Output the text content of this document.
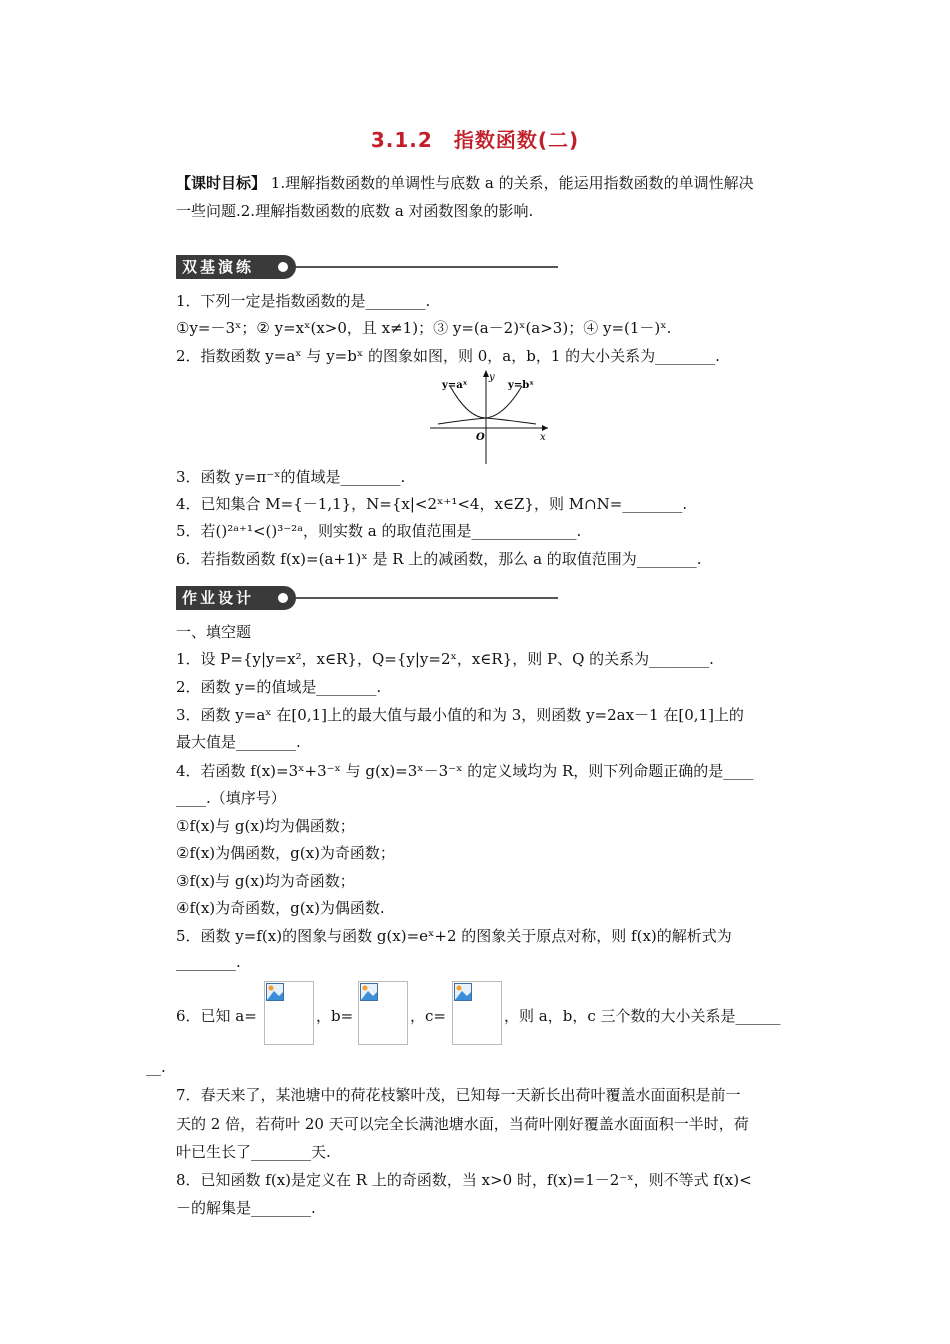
3.1.2　指数函数(二)
【课时目标】 1.理解指数函数的单调性与底数 a 的关系，能运用指数函数的单调性解决
一些问题.2.理解指数函数的底数 a 对函数图象的影响.
双基演练
1．下列一定是指数函数的是________.
①y=－3ˣ；② y=xˣ(x>0，且 x≠1)；③ y=(a－2)ˣ(a>3)；④ y=(1－)ˣ.
2．指数函数 y=aˣ 与 y=bˣ 的图象如图，则 0，a，b，1 的大小关系为________.
y=aˣ	y=bˣ
y
x
O
3．函数 y=π⁻ˣ的值域是________.
4．已知集合 M={－1,1}，N={x|<2ˣ⁺¹<4，x∈Z}，则 M∩N=________.
5．若()²ᵃ⁺¹<()³⁻²ᵃ，则实数 a 的取值范围是______________.
6．若指数函数 f(x)=(a+1)ˣ 是 R 上的减函数，那么 a 的取值范围为________.
作业设计
一、填空题
1．设 P={y|y=x²，x∈R}，Q={y|y=2ˣ，x∈R}，则 P、Q 的关系为________.
2．函数 y=的值域是________.
3．函数 y=aˣ 在[0,1]上的最大值与最小值的和为 3，则函数 y=2ax－1 在[0,1]上的
最大值是________.
4．若函数 f(x)=3ˣ+3⁻ˣ 与 g(x)=3ˣ－3⁻ˣ 的定义域均为 R，则下列命题正确的是____
____.（填序号）
①f(x)与 g(x)均为偶函数；
②f(x)为偶函数，g(x)为奇函数；
③f(x)与 g(x)均为奇函数；
④f(x)为奇函数，g(x)为偶函数.
5．函数 y=f(x)的图象与函数 g(x)=eˣ+2 的图象关于原点对称，则 f(x)的解析式为
________.
6．已知 a=	，b=	，c=	，则 a，b，c 三个数的大小关系是______
__.
7．春天来了，某池塘中的荷花枝繁叶茂，已知每一天新长出荷叶覆盖水面面积是前一
天的 2 倍，若荷叶 20 天可以完全长满池塘水面，当荷叶刚好覆盖水面面积一半时，荷
叶已生长了________天.
8．已知函数 f(x)是定义在 R 上的奇函数，当 x>0 时，f(x)=1－2⁻ˣ，则不等式 f(x)<
－的解集是________.
